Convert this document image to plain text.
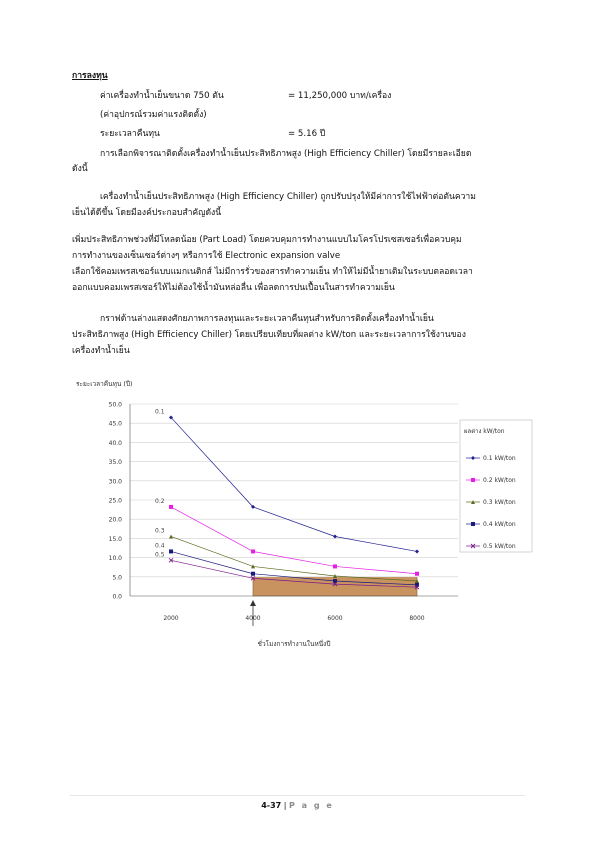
การลงทุน
ค่าเครื่องทำน้ำเย็นขนาด 750 ตัน	= 11,250,000 บาท/เครื่อง
(ค่าอุปกรณ์รวมค่าแรงติดตั้ง)
ระยะเวลาคืนทุน	= 5.16 ปี
การเลือกพิจารณาติดตั้งเครื่องทำน้ำเย็นประสิทธิภาพสูง (High Efficiency Chiller) โดยมีรายละเอียด
ดังนี้
เครื่องทำน้ำเย็นประสิทธิภาพสูง (High Efficiency Chiller) ถูกปรับปรุงให้มีค่าการใช้ไฟฟ้าต่อตันความ
เย็นได้ดีขึ้น โดยมีองค์ประกอบสำคัญดังนี้
เพิ่มประสิทธิภาพช่วงที่มีโหลดน้อย (Part Load) โดยควบคุมการทำงานแบบไมโครโปรเซสเซอร์เพื่อควบคุม
การทำงานของเซ็นเซอร์ต่างๆ หรือการใช้ Electronic expansion valve
เลือกใช้คอมเพรสเซอร์แบบแมกเนติกส์ ไม่มีการรั่วของสารทำความเย็น ทำให้ไม่มีน้ำยาเติมในระบบตลอดเวลา
ออกแบบคอมเพรสเซอร์ให้ไม่ต้องใช้น้ำมันหล่อลื่น เพื่อลดการปนเปื้อนในสารทำความเย็น
กราฟด้านล่างแสดงศักยภาพการลงทุนและระยะเวลาคืนทุนสำหรับการติดตั้งเครื่องทำน้ำเย็น
ประสิทธิภาพสูง (High Efficiency Chiller) โดยเปรียบเทียบที่ผลต่าง kW/ton และระยะเวลาการใช้งานของ
เครื่องทำน้ำเย็น
0.0
5.0
10.0
15.0
20.0
25.0
30.0
35.0
40.0
45.0
50.0
2000	4000	6000	8000
ระยะเวลาคืนทุน (ปี)
ชั่วโมงการทำงานในหนึ่งปี
0.1
0.2
0.3
0.4
0.5
ผลต่าง kW/ton
0.1 kW/ton
0.2 kW/ton
0.3 kW/ton
0.4 kW/ton
0.5 kW/ton
4-37 | P a g e
